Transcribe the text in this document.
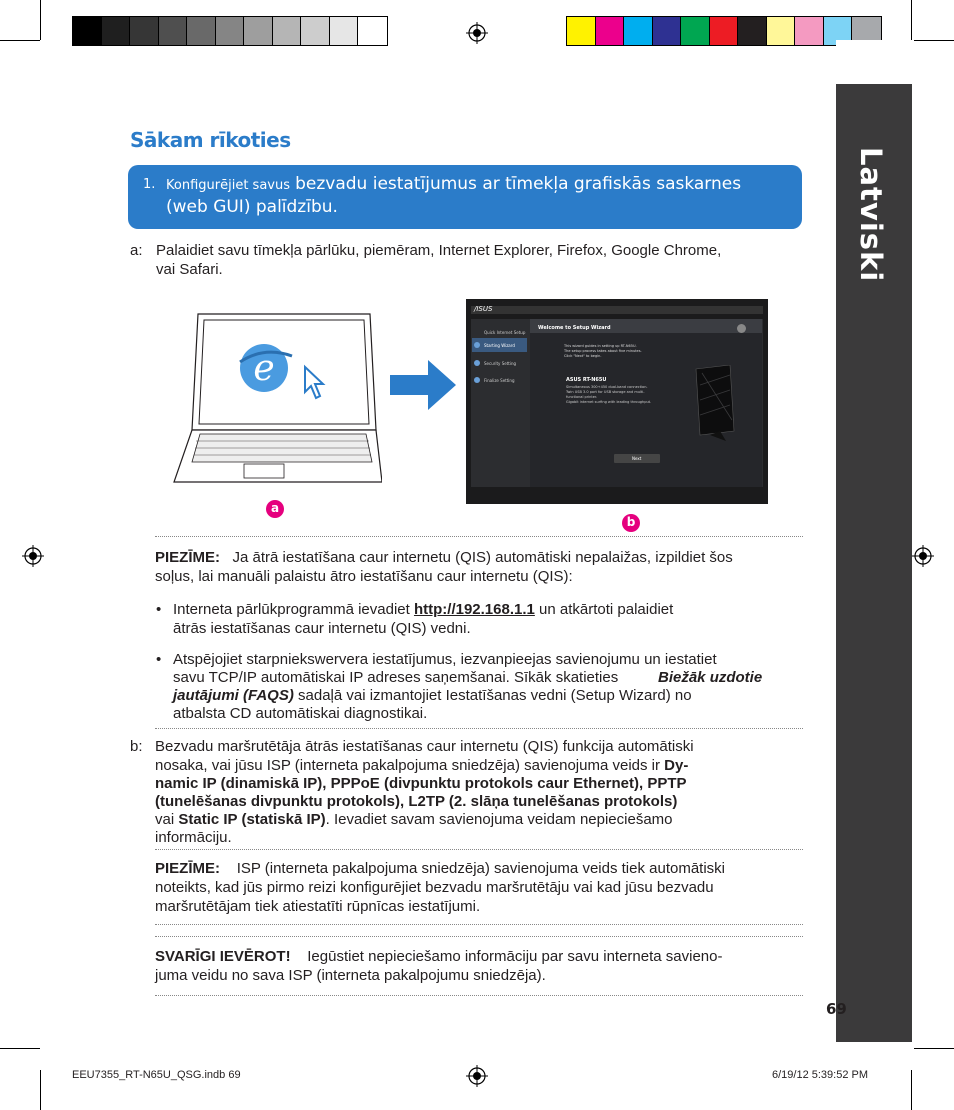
Latviski
Sākam rīkoties
1. Konfigurējiet savus bezvadu iestatījumus ar tīmekļa grafiskās saskarnes
(web GUI) palīdzību.
a: Palaidiet savu tīmekļa pārlūku, piemēram, Internet Explorer, Firefox, Google Chrome,
vai Safari.
e
/ISUS
Quick Internet Setup
Starting Wizard
Security Setting
Finalize Setting
Welcome to Setup Wizard
This wizard guides in setting up RT-N65U.
The setup process takes about five minutes.
Click "Next" to begin.
ASUS RT-N65U
Simultaneous 300+450 dual-band connection.
Twin USB 3.0 port for USB storage and multi-
functional printer.
Gigabit internet surfing with leading throughput.
Next
a
b
PIEZĪME: Ja ātrā iestatīšana caur internetu (QIS) automātiski nepalaižas, izpildiet šos
soļus, lai manuāli palaistu ātro iestatīšanu caur internetu (QIS):
• Interneta pārlūkprogrammā ievadiet http://192.168.1.1 un atkārtoti palaidiet
ātrās iestatīšanas caur internetu (QIS) vedni.
• Atspējojiet starpniekswervera iestatījumus, iezvanpieejas savienojumu un iestatiet
savu TCP/IP automātiskai IP adreses saņemšanai. Sīkāk skatieties	Biežāk uzdotie
jautājumi (FAQS) sadaļā vai izmantojiet Iestatīšanas vedni (Setup Wizard) no
atbalsta CD automātiskai diagnostikai.
b: Bezvadu maršrutētāja ātrās iestatīšanas caur internetu (QIS) funkcija automātiski
nosaka, vai jūsu ISP (interneta pakalpojuma sniedzēja) savienojuma veids ir Dy-
namic IP (dinamiskā IP), PPPoE (divpunktu protokols caur Ethernet), PPTP
(tunelēšanas divpunktu protokols), L2TP (2. slāņa tunelēšanas protokols)
vai Static IP (statiskā IP). Ievadiet savam savienojuma veidam nepieciešamo
informāciju.
PIEZĪME: ISP (interneta pakalpojuma sniedzēja) savienojuma veids tiek automātiski
noteikts, kad jūs pirmo reizi konfigurējiet bezvadu maršrutētāju vai kad jūsu bezvadu
maršrutētājam tiek atiestatīti rūpnīcas iestatījumi.
SVARĪGI IEVĒROT! Iegūstiet nepieciešamo informāciju par savu interneta savieno-
juma veidu no sava ISP (interneta pakalpojumu sniedzēja).
69
EEU7355_RT-N65U_QSG.indb 69	6/19/12 5:39:52 PM
